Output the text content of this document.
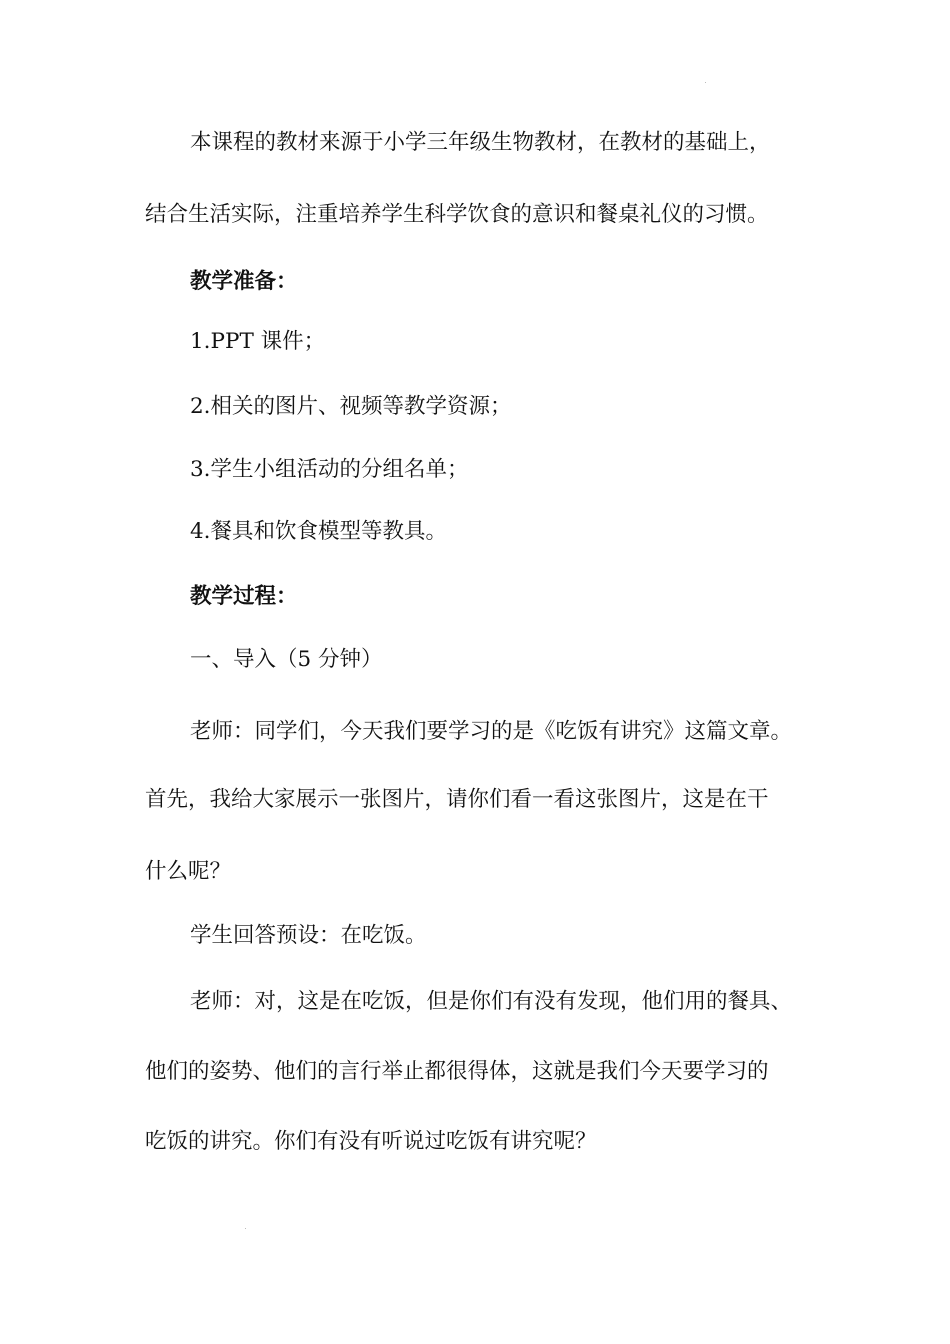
本课程的教材来源于小学三年级生物教材，在教材的基础上，
结合生活实际，注重培养学生科学饮食的意识和餐桌礼仪的习惯。
教学准备：
1.PPT 课件；
2.相关的图片、视频等教学资源；
3.学生小组活动的分组名单；
4.餐具和饮食模型等教具。
教学过程：
一、导入（5 分钟）
老师：同学们，今天我们要学习的是《吃饭有讲究》这篇文章。
首先，我给大家展示一张图片，请你们看一看这张图片，这是在干
什么呢？
学生回答预设：在吃饭。
老师：对，这是在吃饭，但是你们有没有发现，他们用的餐具、
他们的姿势、他们的言行举止都很得体，这就是我们今天要学习的
吃饭的讲究。你们有没有听说过吃饭有讲究呢？
